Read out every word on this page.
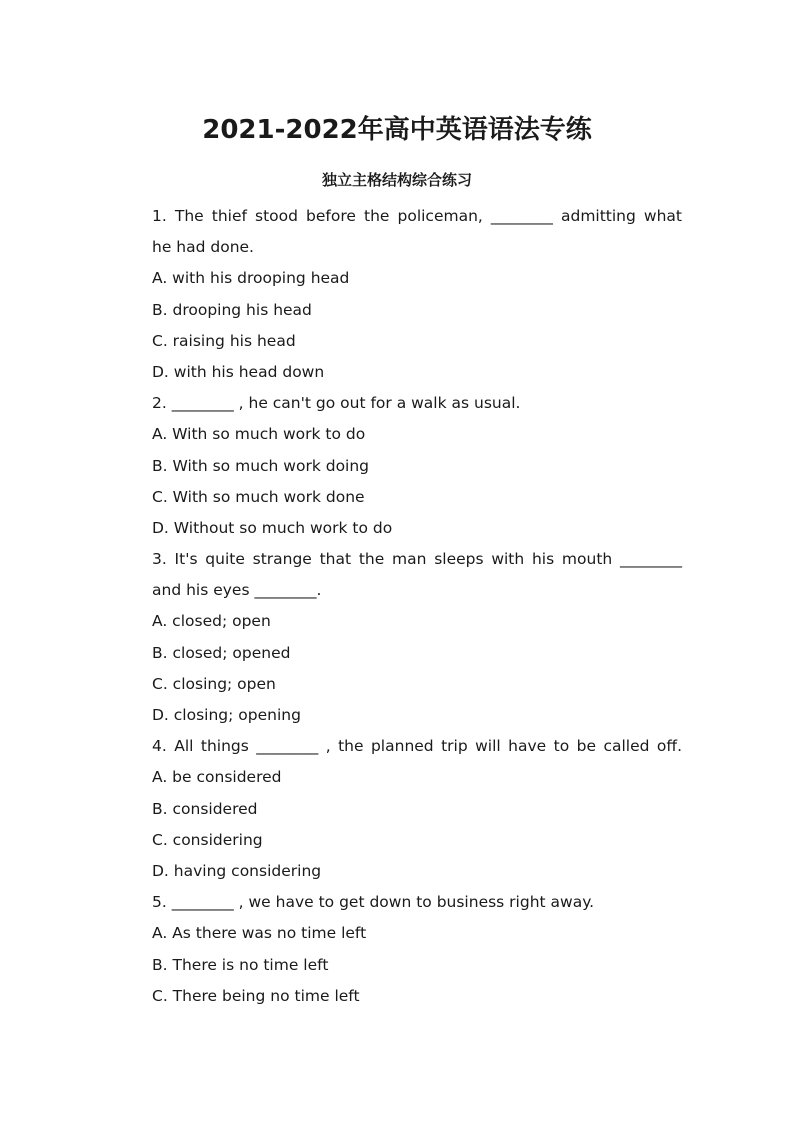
2021-2022年高中英语语法专练
独立主格结构综合练习

1. The thief stood before the policeman, ________ admitting what

he had done.

A. with his drooping head

B. drooping his head

C. raising his head

D. with his head down

2. ________ , he can't go out for a walk as usual.

A. With so much work to do

B. With so much work doing

C. With so much work done

D. Without so much work to do

3. It's quite strange that the man sleeps with his mouth ________

and his eyes ________.

A. closed; open

B. closed; opened

C. closing; open

D. closing; opening

4. All things ________ , the planned trip will have to be called off.

A. be considered

B. considered

C. considering

D. having considering

5. ________ , we have to get down to business right away.

A. As there was no time left

B. There is no time left

C. There being no time left
